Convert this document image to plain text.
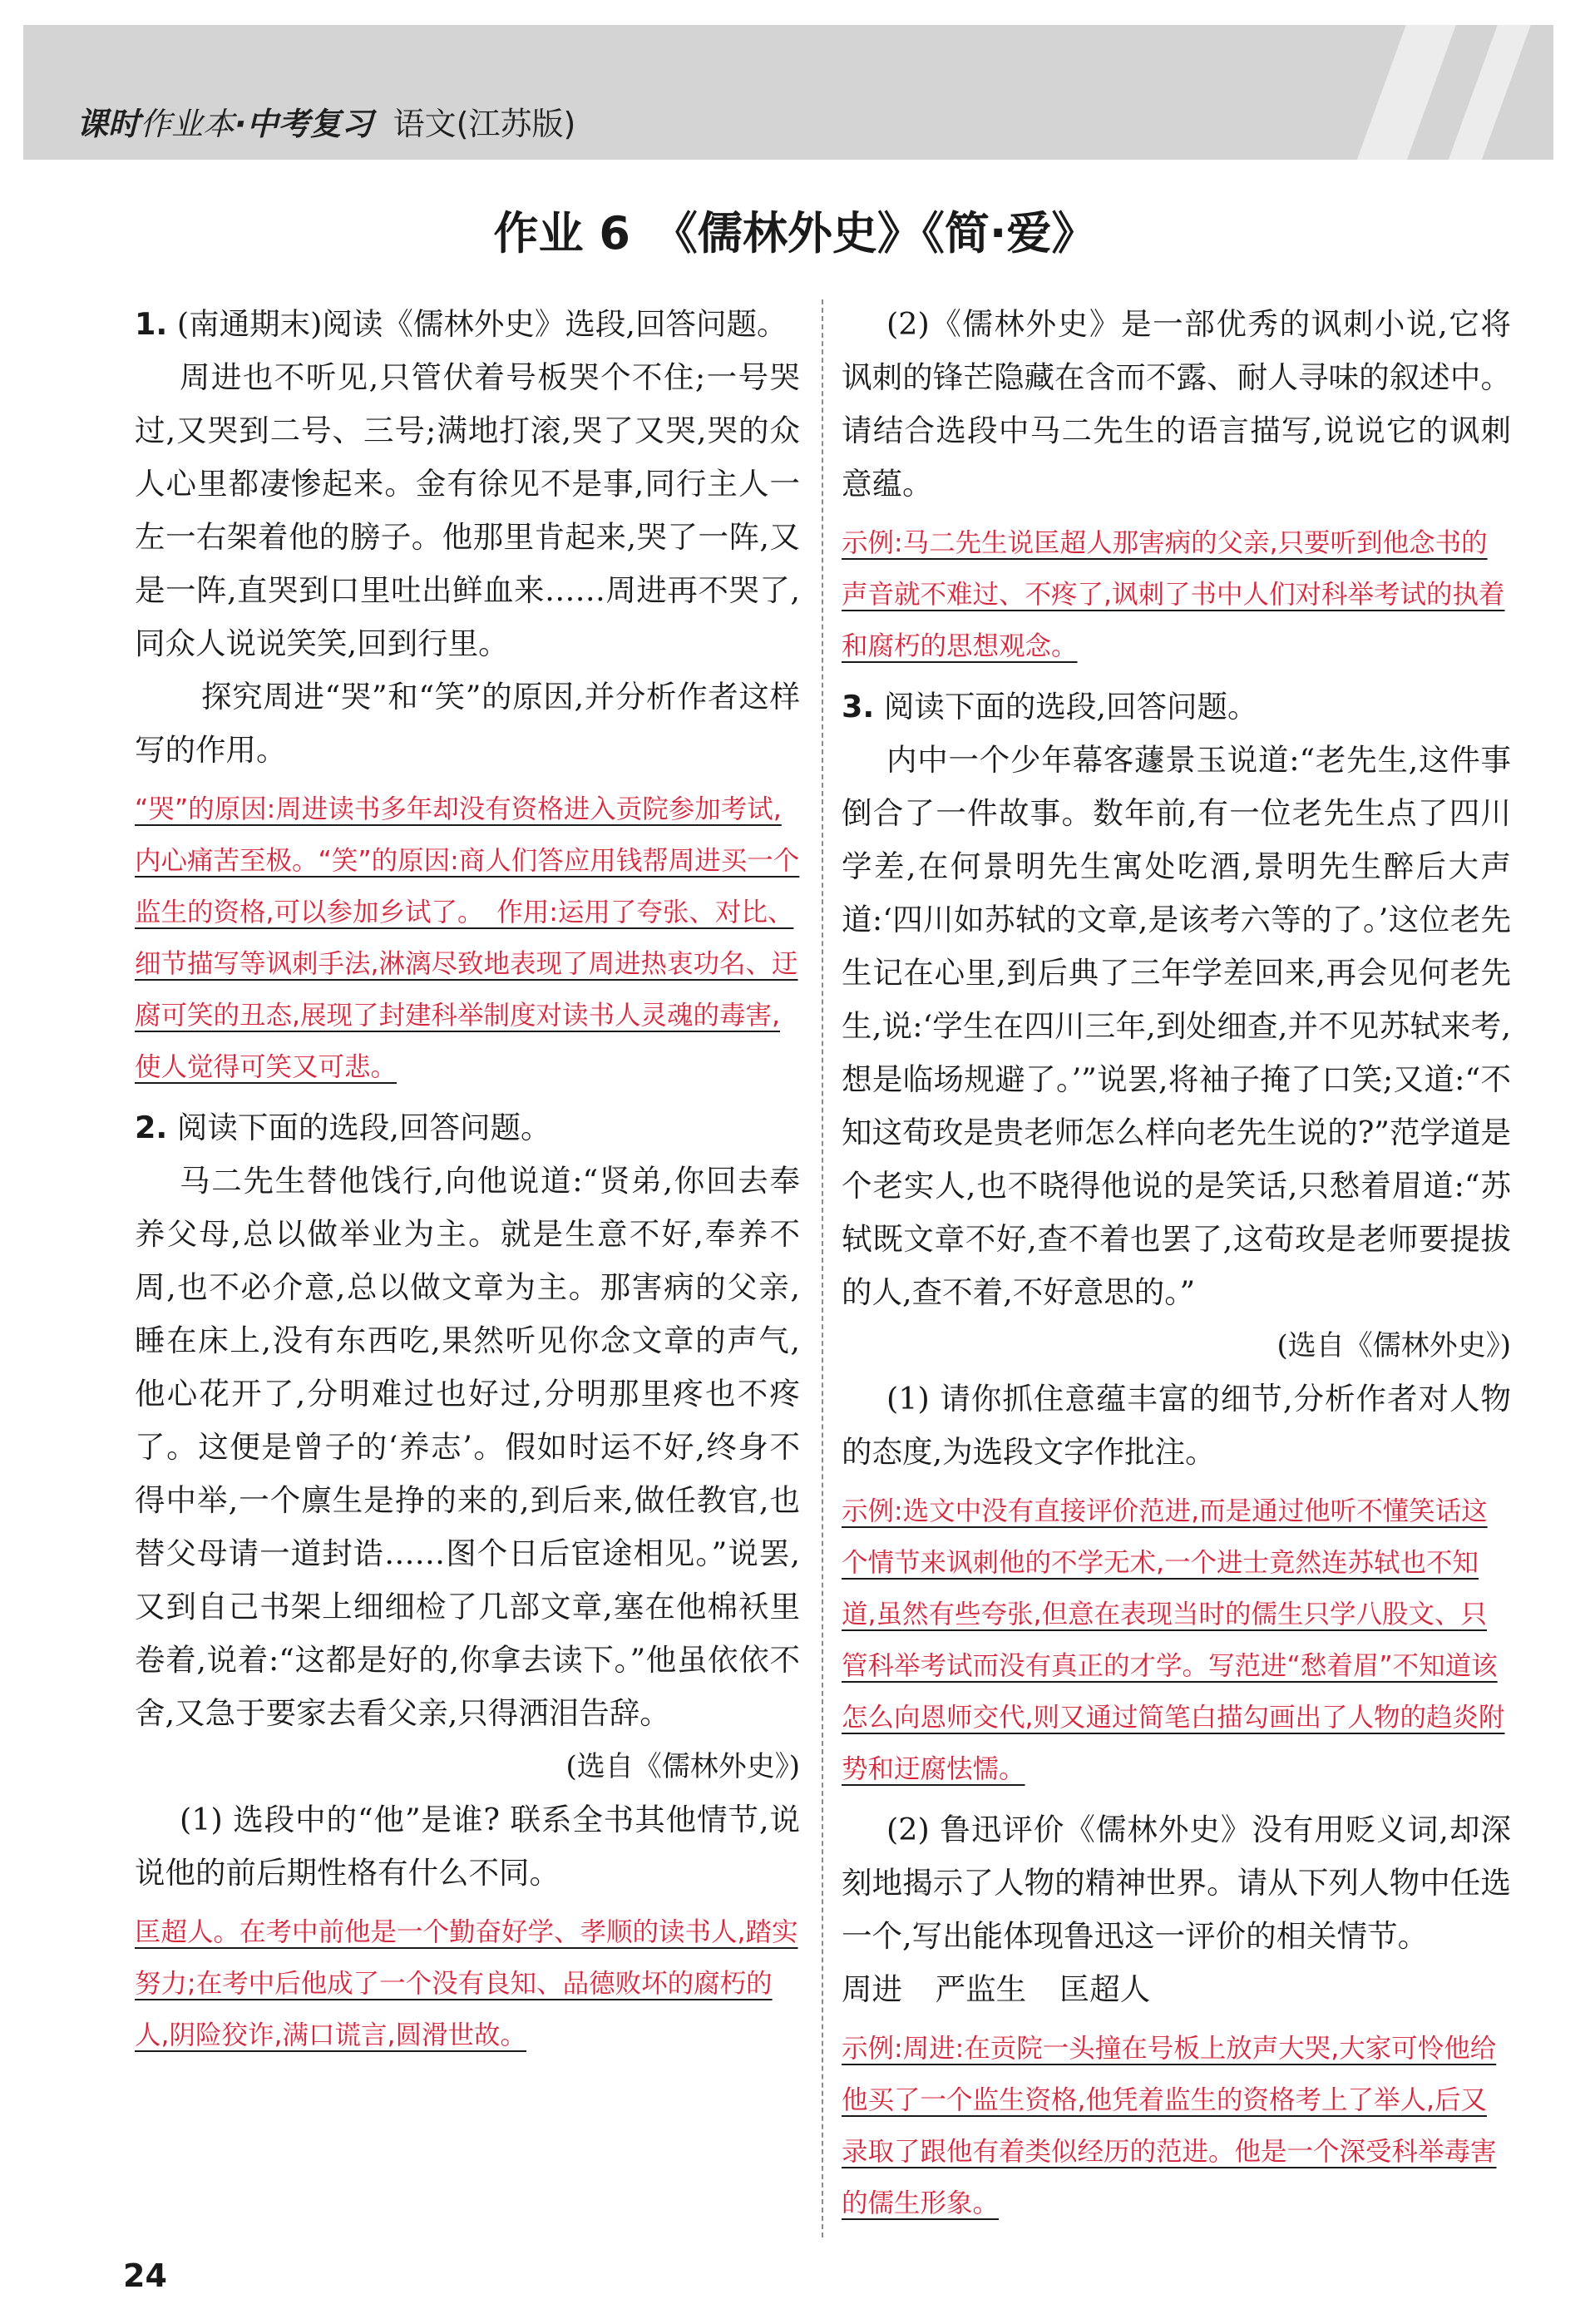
课时作业本·中考复习 语文(江苏版)
作业 6　《儒林外史》《简·爱》

1. (南通期末)阅读《儒林外史》选段,回答问题。

周进也不听见,只管伏着号板哭个不住;一号哭过,又哭到二号、三号;满地打滚,哭了又哭,哭的众人心里都凄惨起来。金有徐见不是事,同行主人一左一右架着他的膀子。他那里肯起来,哭了一阵,又是一阵,直哭到口里吐出鲜血来……周进再不哭了,同众人说说笑笑,回到行里。

探究周进“哭”和“笑”的原因,并分析作者这样写的作用。

“哭”的原因:周进读书多年却没有资格进入贡院参加考试,内心痛苦至极。“笑”的原因:商人们答应用钱帮周进买一个监生的资格,可以参加乡试了。　作用:运用了夸张、对比、细节描写等讽刺手法,淋漓尽致地表现了周进热衷功名、迂腐可笑的丑态,展现了封建科举制度对读书人灵魂的毒害,使人觉得可笑又可悲。

2. 阅读下面的选段,回答问题。

马二先生替他饯行,向他说道:“贤弟,你回去奉养父母,总以做举业为主。就是生意不好,奉养不周,也不必介意,总以做文章为主。那害病的父亲,睡在床上,没有东西吃,果然听见你念文章的声气,他心花开了,分明难过也好过,分明那里疼也不疼了。这便是曾子的‘养志’。假如时运不好,终身不得中举,一个廪生是挣的来的,到后来,做任教官,也替父母请一道封诰……图个日后宦途相见。”说罢,又到自己书架上细细检了几部文章,塞在他棉袄里卷着,说着:“这都是好的,你拿去读下。”他虽依依不舍,又急于要家去看父亲,只得洒泪告辞。

(选自《儒林外史》)

(1) 选段中的“他”是谁? 联系全书其他情节,说说他的前后期性格有什么不同。

匡超人。在考中前他是一个勤奋好学、孝顺的读书人,踏实努力;在考中后他成了一个没有良知、品德败坏的腐朽的人,阴险狡诈,满口谎言,圆滑世故。

(2)《儒林外史》是一部优秀的讽刺小说,它将讽刺的锋芒隐藏在含而不露、耐人寻味的叙述中。请结合选段中马二先生的语言描写,说说它的讽刺意蕴。

示例:马二先生说匡超人那害病的父亲,只要听到他念书的声音就不难过、不疼了,讽刺了书中人们对科举考试的执着和腐朽的思想观念。

3. 阅读下面的选段,回答问题。

内中一个少年幕客蘧景玉说道:“老先生,这件事倒合了一件故事。数年前,有一位老先生点了四川学差,在何景明先生寓处吃酒,景明先生醉后大声道:‘四川如苏轼的文章,是该考六等的了。’这位老先生记在心里,到后典了三年学差回来,再会见何老先生,说:‘学生在四川三年,到处细查,并不见苏轼来考,想是临场规避了。’”说罢,将袖子掩了口笑;又道:“不知这荀玫是贵老师怎么样向老先生说的?”范学道是个老实人,也不晓得他说的是笑话,只愁着眉道:“苏轼既文章不好,查不着也罢了,这荀玫是老师要提拔的人,查不着,不好意思的。”

(选自《儒林外史》)

(1) 请你抓住意蕴丰富的细节,分析作者对人物的态度,为选段文字作批注。

示例:选文中没有直接评价范进,而是通过他听不懂笑话这个情节来讽刺他的不学无术,一个进士竟然连苏轼也不知道,虽然有些夸张,但意在表现当时的儒生只学八股文、只管科举考试而没有真正的才学。写范进“愁着眉”不知道该怎么向恩师交代,则又通过简笔白描勾画出了人物的趋炎附势和迂腐怯懦。

(2) 鲁迅评价《儒林外史》没有用贬义词,却深刻地揭示了人物的精神世界。请从下列人物中任选一个,写出能体现鲁迅这一评价的相关情节。

周进 严监生 匡超人

示例:周进:在贡院一头撞在号板上放声大哭,大家可怜他给他买了一个监生资格,他凭着监生的资格考上了举人,后又录取了跟他有着类似经历的范进。他是一个深受科举毒害的儒生形象。

24
